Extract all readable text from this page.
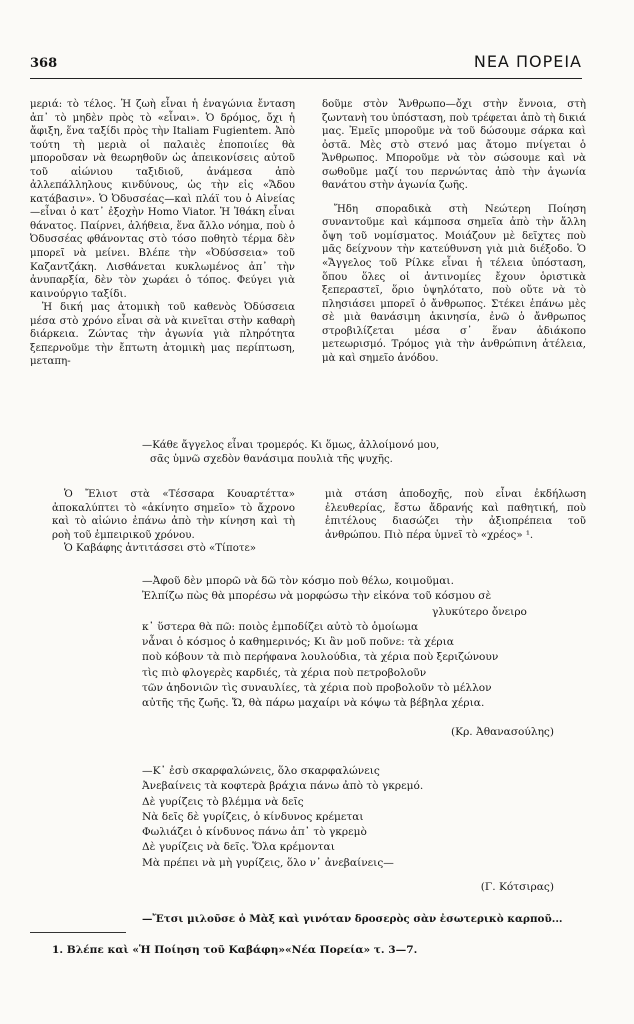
368	ΝΕΑ ΠΟΡΕΙΑ

μεριά: τὸ τέλος. Ἡ ζωὴ εἶναι ἡ ἐναγώνια ἔνταση ἀπ᾿ τὸ μηδὲν πρὸς τὸ «εἶναι». Ὁ δρόμος, ὄχι ἡ ἄφιξη, ἕνα ταξίδι πρὸς τὴν Italiam Fugientem. Ἀπὸ τούτη τὴ μεριὰ οἱ παλαιὲς ἐποποιίες θὰ μποροῦσαν νὰ θεωρηθοῦν ὡς ἀπεικονίσεις αὐτοῦ τοῦ αἰώνιου ταξιδιοῦ, ἀνάμεσα ἀπὸ ἀλλεπάλληλους κινδύνους, ὡς τὴν εἰς «Ἄδου κατάβασιν». Ὁ Ὀδυσσέας—καὶ πλάϊ του ὁ Αἰνείας—εἶναι ὁ κατ᾿ ἐξοχὴν Homo Viator. Ἡ Ἰθάκη εἶναι θάνατος. Παίρνει, ἀλήθεια, ἕνα ἄλλο νόημα, ποὺ ὁ Ὀδυσσέας φθάνοντας στὸ τόσο ποθητὸ τέρμα δὲν μπορεῖ νὰ μείνει. Βλέπε τὴν «Ὀδύσσεια» τοῦ Καζαντζάκη. Λισθάνεται κυκλωμένος ἀπ᾿ τὴν ἀνυπαρξία, δὲν τὸν χωράει ὁ τόπος. Φεύγει γιὰ καινούργιο ταξίδι.

Ἡ δική μας ἀτομικὴ τοῦ καθενὸς Ὀδύσσεια μέσα στὸ χρόνο εἶναι σὰ νὰ κινεῖται στὴν καθαρὴ διάρκεια. Ζώντας τὴν ἀγωνία γιὰ πληρότητα ξεπερνοῦμε τὴν ἔπτωτη ἀτομικὴ μας περίπτωση, μεταπη-

δοῦμε στὸν Ἄνθρωπο—ὄχι στὴν ἔννοια, στὴ ζωντανὴ του ὑπόσταση, ποὺ τρέφεται ἀπὸ τὴ δικιά μας. Ἐμεῖς μποροῦμε νὰ τοῦ δώσουμε σάρκα καὶ ὀστᾶ. Μὲς στὸ στενό μας ἄτομο πνίγεται ὁ Ἄνθρωπος. Μποροῦμε νὰ τὸν σώσουμε καὶ νὰ σωθοῦμε μαζί του περνώντας ἀπὸ τὴν ἀγωνία θανάτου στὴν ἀγωνία ζωῆς.

Ἤδη σποραδικὰ στὴ Νεώτερη Ποίηση συναντοῦμε καὶ κάμποσα σημεῖα ἀπὸ τὴν ἄλλη ὄψη τοῦ νομίσματος. Μοιάζουν μὲ δεῖχτες ποὺ μᾶς δείχνουν τὴν κατεύθυνση γιὰ μιὰ διέξοδο. Ὁ «Ἄγγελος τοῦ Ρίλκε εἶναι ἡ τέλεια ὑπόσταση, ὅπου ὅλες οἱ ἀντινομίες ἔχουν ὁριστικὰ ξεπεραστεῖ, ὅριο ὑψηλότατο, ποὺ οὔτε νὰ τὸ πλησιάσει μπορεῖ ὁ ἄνθρωπος. Στέκει ἐπάνω μὲς σὲ μιὰ θανάσιμη ἀκινησία, ἐνῶ ὁ ἄνθρωπος στροβιλίζεται μέσα σ᾿ ἕναν ἀδιάκοπο μετεωρισμό. Τρόμος γιὰ τὴν ἀνθρώπινη ἀτέλεια, μὰ καὶ σημεῖο ἀνόδου.

—Κάθε ἄγγελος εἶναι τρομερός. Κι ὅμως, ἀλλοίμονό μου,
σᾶς ὑμνῶ σχεδὸν θανάσιμα πουλιὰ τῆς ψυχῆς.

Ὁ Ἔλιοτ στὰ «Τέσσαρα Κουαρτέττα» ἀποκαλύπτει τὸ «ἀκίνητο σημεῖο» τὸ ἄχρονο καὶ τὸ αἰώνιο ἐπάνω ἀπὸ τὴν κίνηση καὶ τὴ ροὴ τοῦ ἐμπειρικοῦ χρόνου.

Ὁ Καβάφης ἀντιτάσσει στὸ «Τίποτε»

μιὰ στάση ἀποδοχῆς, ποὺ εἶναι ἐκδήλωση ἐλευθερίας, ἔστω ἄδρανής καὶ παθητική, ποὺ ἐπιτέλους διασώζει τὴν ἀξιοπρέπεια τοῦ ἀνθρώπου. Πιὸ πέρα ὑμνεῖ τὸ «χρέος» ¹.

—Ἀφοῦ δὲν μπορῶ νὰ δῶ τὸν κόσμο ποὺ θέλω, κοιμοῦμαι.
Ἐλπίζω πὼς θὰ μπορέσω νὰ μορφώσω τὴν εἰκόνα τοῦ κόσμου σὲ
γλυκύτερο ὄνειρο
κ᾿ ὕστερα θὰ πῶ: ποιὸς ἐμποδίζει αὐτὸ τὸ ὁμοίωμα
νἆναι ὁ κόσμος ὁ καθημερινός; Κι ἂν μοῦ ποῦνε: τὰ χέρια
ποὺ κόβουν τὰ πιὸ περήφανα λουλούδια, τὰ χέρια ποὺ ξεριζώνουν
τὶς πιὸ φλογερὲς καρδιές, τὰ χέρια ποὺ πετροβολοῦν
τῶν ἀηδονιῶν τὶς συναυλίες, τὰ χέρια ποὺ προβολοῦν τὸ μέλλον
αὐτῆς τῆς ζωῆς. Ὤ, θὰ πάρω μαχαίρι νὰ κόψω τὰ βέβηλα χέρια.
(Κρ. Ἀθανασούλης)
—Κ᾿ ἐσὺ σκαρφαλώνεις, ὅλο σκαρφαλώνεις
Ἀνεβαίνεις τὰ κοφτερὰ βράχια πάνω ἀπὸ τὸ γκρεμό.
Δὲ γυρίζεις τὸ βλέμμα νὰ δεῖς
Νὰ δεῖς δὲ γυρίζεις, ὁ κίνδυνος κρέμεται
Φωλιάζει ὁ κίνδυνος πάνω ἀπ᾿ τὸ γκρεμὸ
Δὲ γυρίζεις νὰ δεῖς. Ὅλα κρέμονται
Μὰ πρέπει νὰ μὴ γυρίζεις, ὅλο ν᾿ ἀνεβαίνεις—
(Γ. Κότσιρας)
—Ἔτσι μιλοῦσε ὁ Μὰξ καὶ γινόταν δροσερὸς σὰν ἐσωτερικὸ καρποῦ...
1. Βλέπε καὶ «Ἡ Ποίηση τοῦ Καβάφη»«Νέα Πορεία» τ. 3—7.
